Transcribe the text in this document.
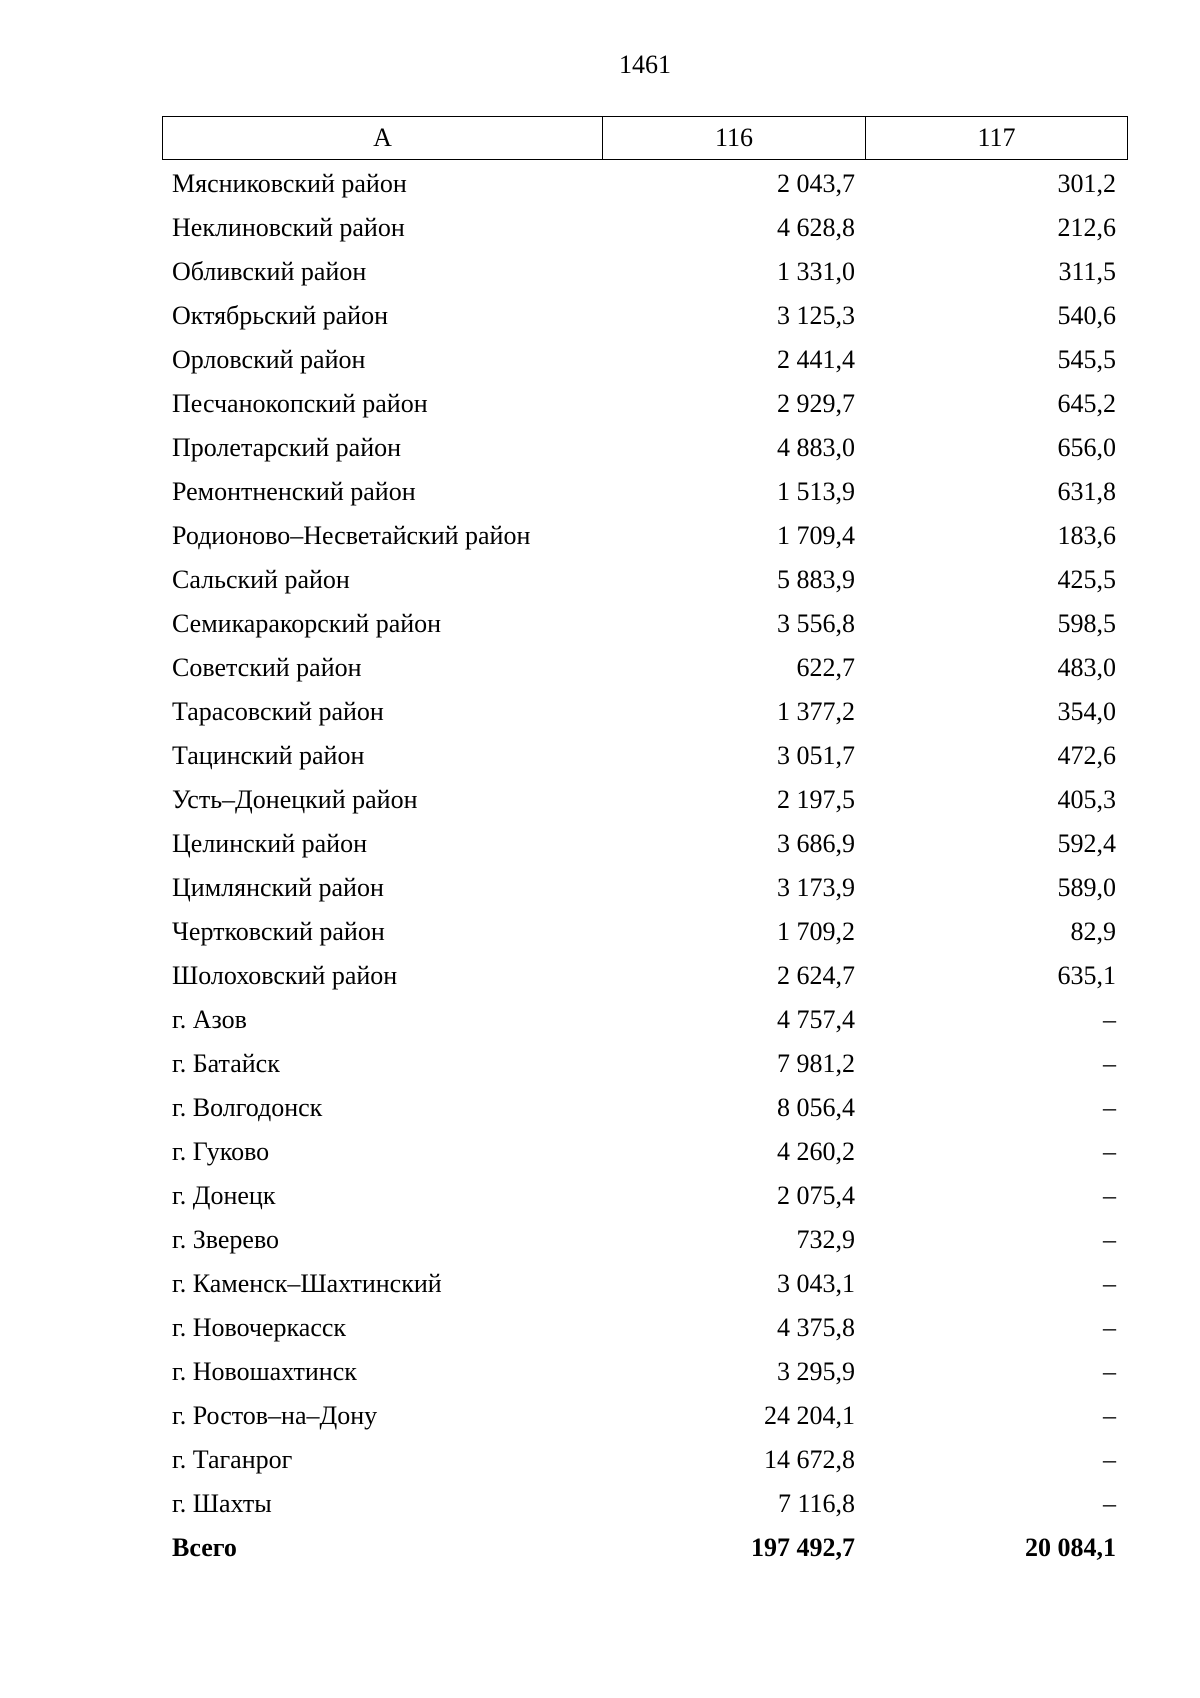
1461
А	116	117
Мясниковский район	2 043,7	301,2
Неклиновский район	4 628,8	212,6
Обливский район	1 331,0	311,5
Октябрьский район	3 125,3	540,6
Орловский район	2 441,4	545,5
Песчанокопский район	2 929,7	645,2
Пролетарский район	4 883,0	656,0
Ремонтненский район	1 513,9	631,8
Родионово–Несветайский район	1 709,4	183,6
Сальский район	5 883,9	425,5
Семикаракорский район	3 556,8	598,5
Советский район	622,7	483,0
Тарасовский район	1 377,2	354,0
Тацинский район	3 051,7	472,6
Усть–Донецкий район	2 197,5	405,3
Целинский район	3 686,9	592,4
Цимлянский район	3 173,9	589,0
Чертковский район	1 709,2	82,9
Шолоховский район	2 624,7	635,1
г. Азов	4 757,4	–
г. Батайск	7 981,2	–
г. Волгодонск	8 056,4	–
г. Гуково	4 260,2	–
г. Донецк	2 075,4	–
г. Зверево	732,9	–
г. Каменск–Шахтинский	3 043,1	–
г. Новочеркасск	4 375,8	–
г. Новошахтинск	3 295,9	–
г. Ростов–на–Дону	24 204,1	–
г. Таганрог	14 672,8	–
г. Шахты	7 116,8	–
Всего	197 492,7	20 084,1
